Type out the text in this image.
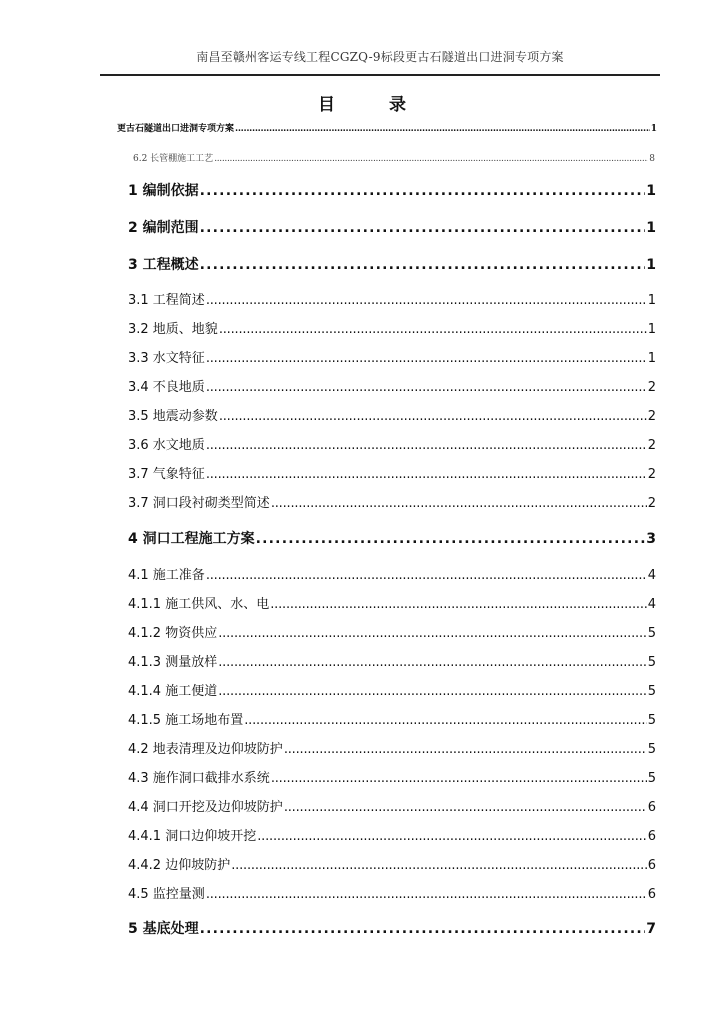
南昌至赣州客运专线工程CGZQ-9标段更古石隧道出口进洞专项方案
目 录
更古石隧道出口进洞专项方案 .....	1
6.2 长管棚施工工艺 .....	8
1 编制依据 .....	1
2 编制范围 .....	1
3 工程概述 .....	1
3.1 工程简述 .....	1
3.2 地质、地貌 .....	1
3.3 水文特征 .....	1
3.4 不良地质 .....	2
3.5 地震动参数 .....	2
3.6 水文地质 .....	2
3.7 气象特征 .....	2
3.7 洞口段衬砌类型简述 .....	2
4 洞口工程施工方案 .....	3
4.1 施工准备 .....	4
4.1.1 施工供风、水、电 .....	4
4.1.2 物资供应 .....	5
4.1.3 测量放样 .....	5
4.1.4 施工便道 .....	5
4.1.5 施工场地布置 .....	5
4.2 地表清理及边仰坡防护 .....	5
4.3 施作洞口截排水系统 .....	5
4.4 洞口开挖及边仰坡防护 .....	6
4.4.1 洞口边仰坡开挖 .....	6
4.4.2 边仰坡防护 .....	6
4.5 监控量测 .....	6
5 基底处理 .....	7
